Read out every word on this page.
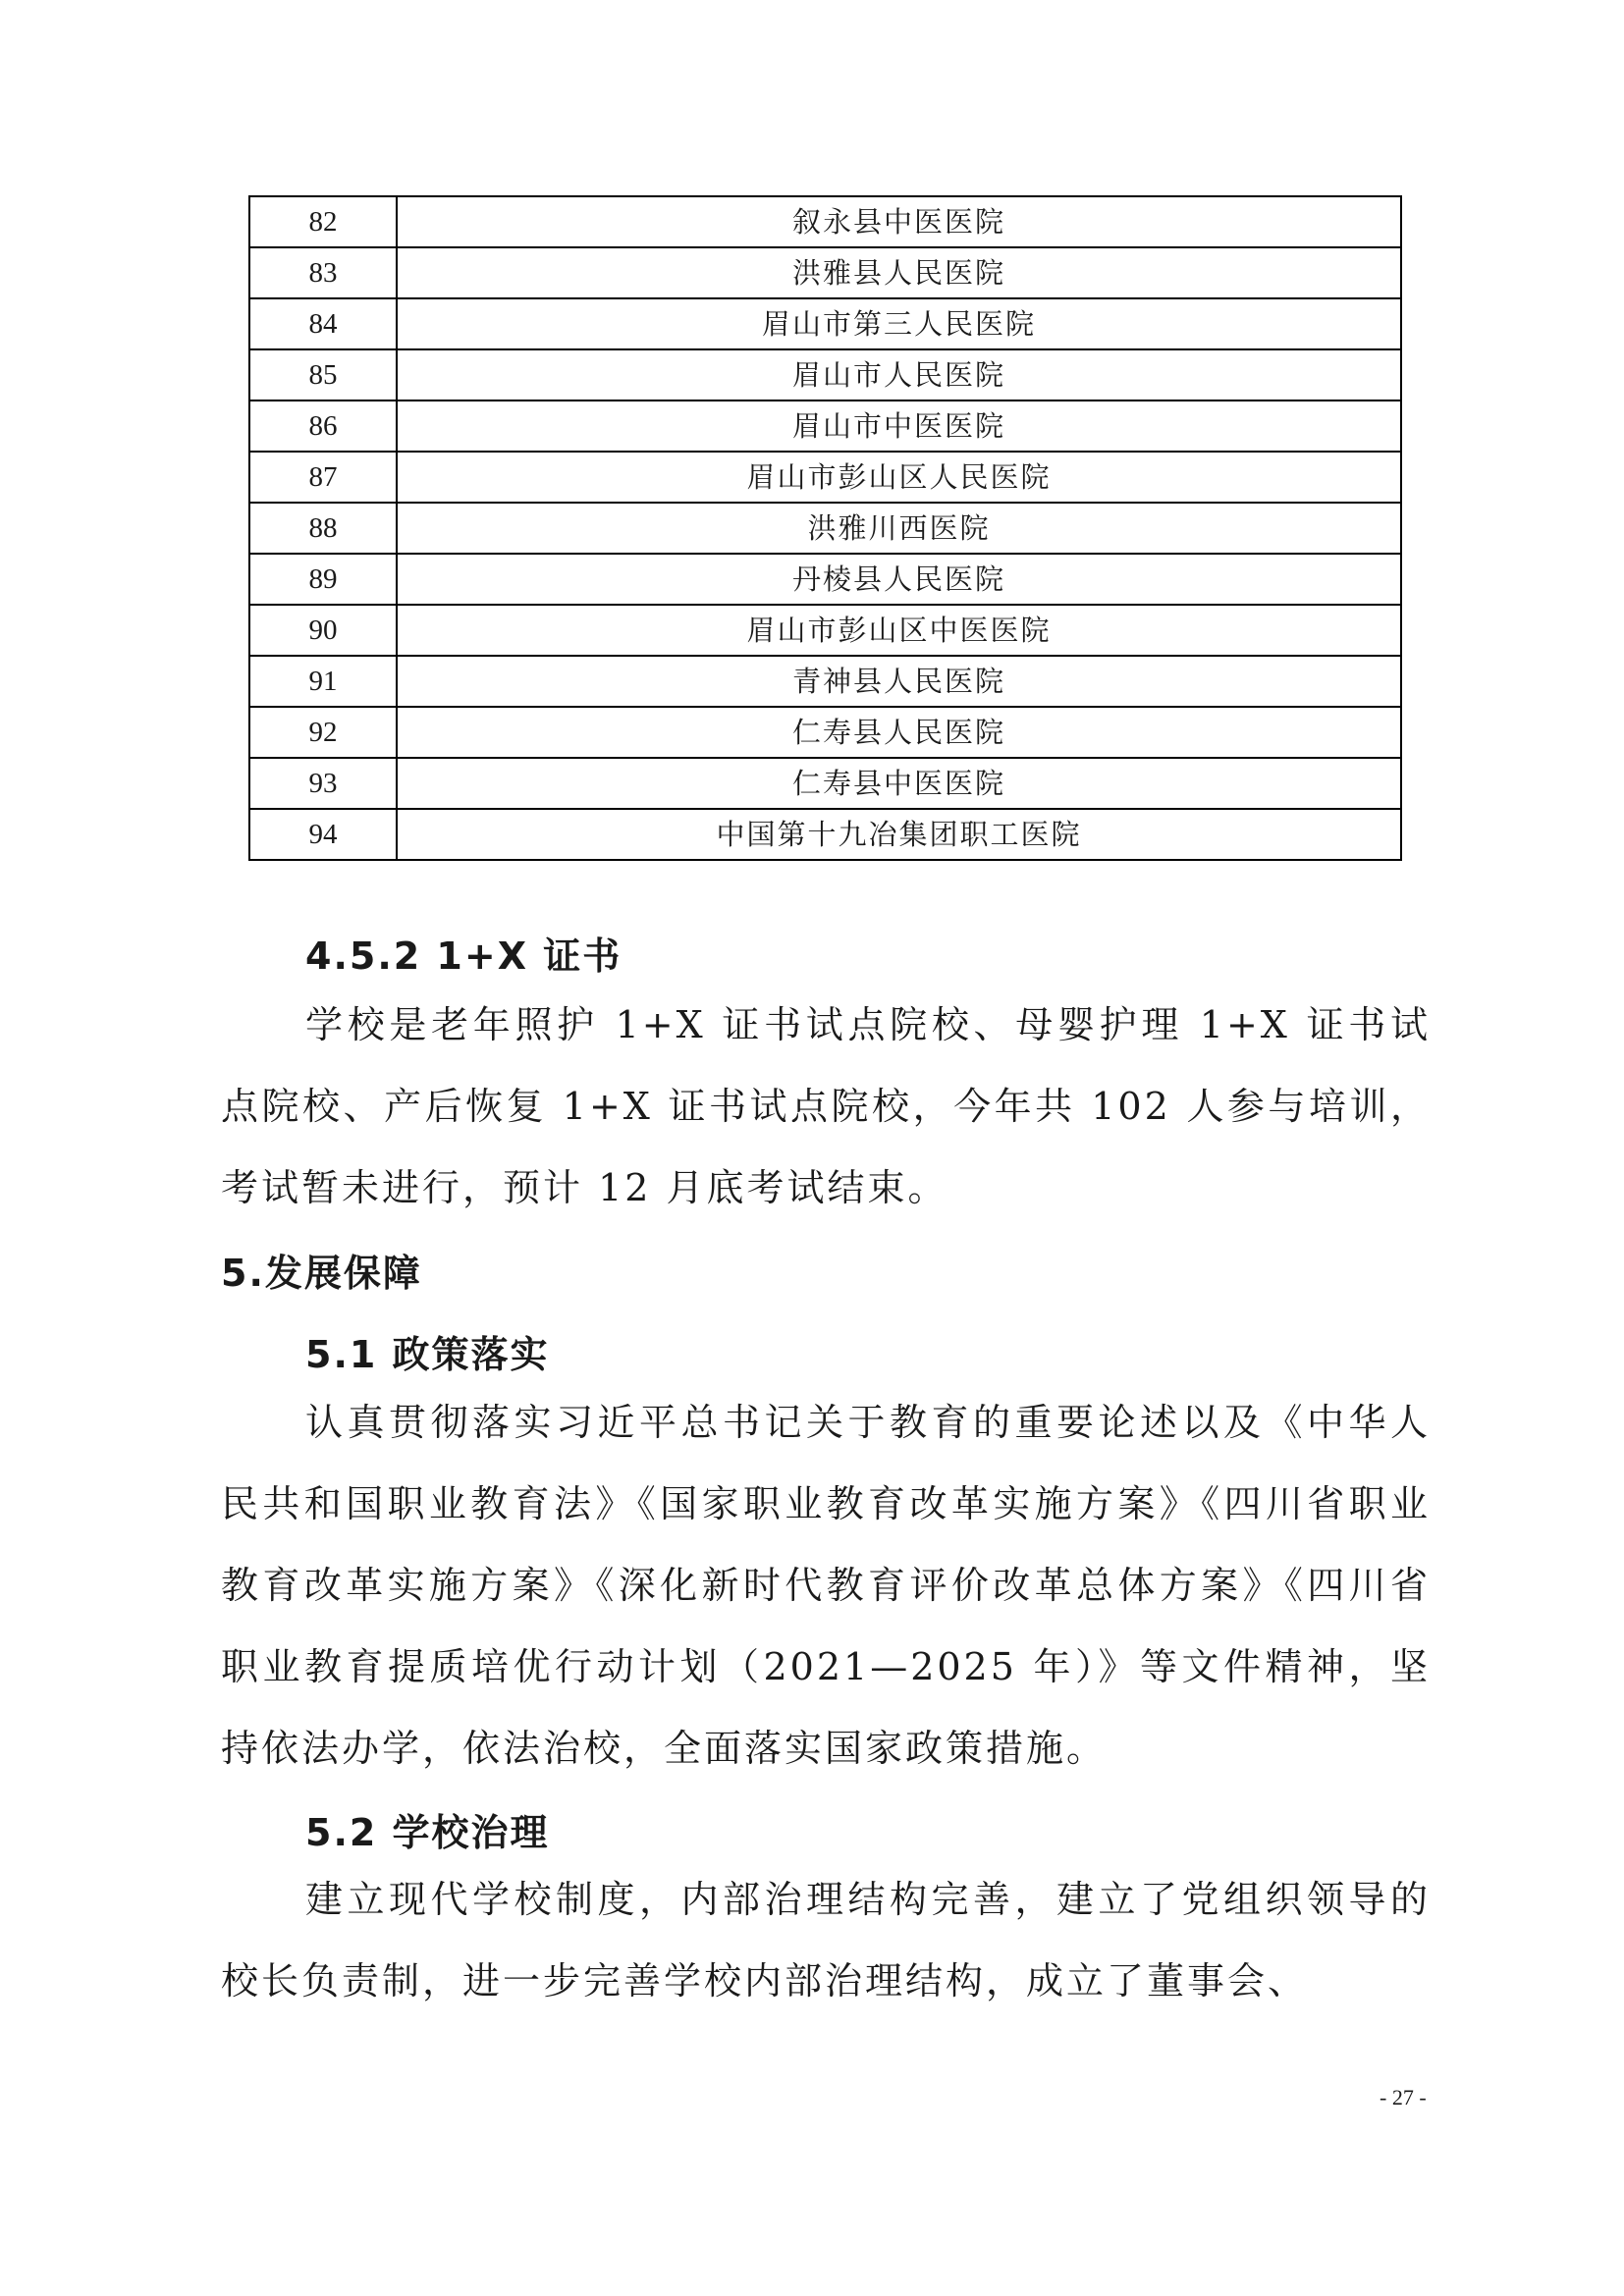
82	叙永县中医医院
83	洪雅县人民医院
84	眉山市第三人民医院
85	眉山市人民医院
86	眉山市中医医院
87	眉山市彭山区人民医院
88	洪雅川西医院
89	丹棱县人民医院
90	眉山市彭山区中医医院
91	青神县人民医院
92	仁寿县人民医院
93	仁寿县中医医院
94	中国第十九冶集团职工医院
4.5.2 1+X 证书

学校是老年照护 1+X 证书试点院校、母婴护理 1+X 证书试点院校、产后恢复 1+X 证书试点院校，今年共 102 人参与培训，考试暂未进行，预计 12 月底考试结束。

5.发展保障
5.1 政策落实

认真贯彻落实习近平总书记关于教育的重要论述以及《中华人民共和国职业教育法》《国家职业教育改革实施方案》《四川省职业教育改革实施方案》《深化新时代教育评价改革总体方案》《四川省职业教育提质培优行动计划（2021—2025 年）》等文件精神，坚持依法办学，依法治校，全面落实国家政策措施。

5.2 学校治理

建立现代学校制度，内部治理结构完善，建立了党组织领导的校长负责制，进一步完善学校内部治理结构，成立了董事会、

- 27 -
